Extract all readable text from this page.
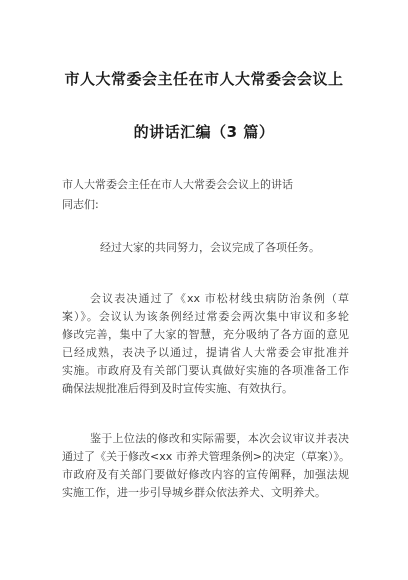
市人大常委会主任在市人大常委会会议上
的讲话汇编（3 篇）
市人大常委会主任在市人大常委会会议上的讲话
同志们:
经过大家的共同努力，会议完成了各项任务。
会议表决通过了《xx 市松材线虫病防治条例（草
案）》。会议认为该条例经过常委会两次集中审议和多轮
修改完善，集中了大家的智慧，充分吸纳了各方面的意见
已经成熟，表决予以通过，提请省人大常委会审批准并
实施。市政府及有关部门要认真做好实施的各项准备工作
确保法规批准后得到及时宣传实施、有效执行。
鉴于上位法的修改和实际需要，本次会议审议并表决
通过了《关于修改<xx 市养犬管理条例>的决定（草案）》。
市政府及有关部门要做好修改内容的宣传阐释，加强法规
实施工作，进一步引导城乡群众依法养犬、文明养犬。
